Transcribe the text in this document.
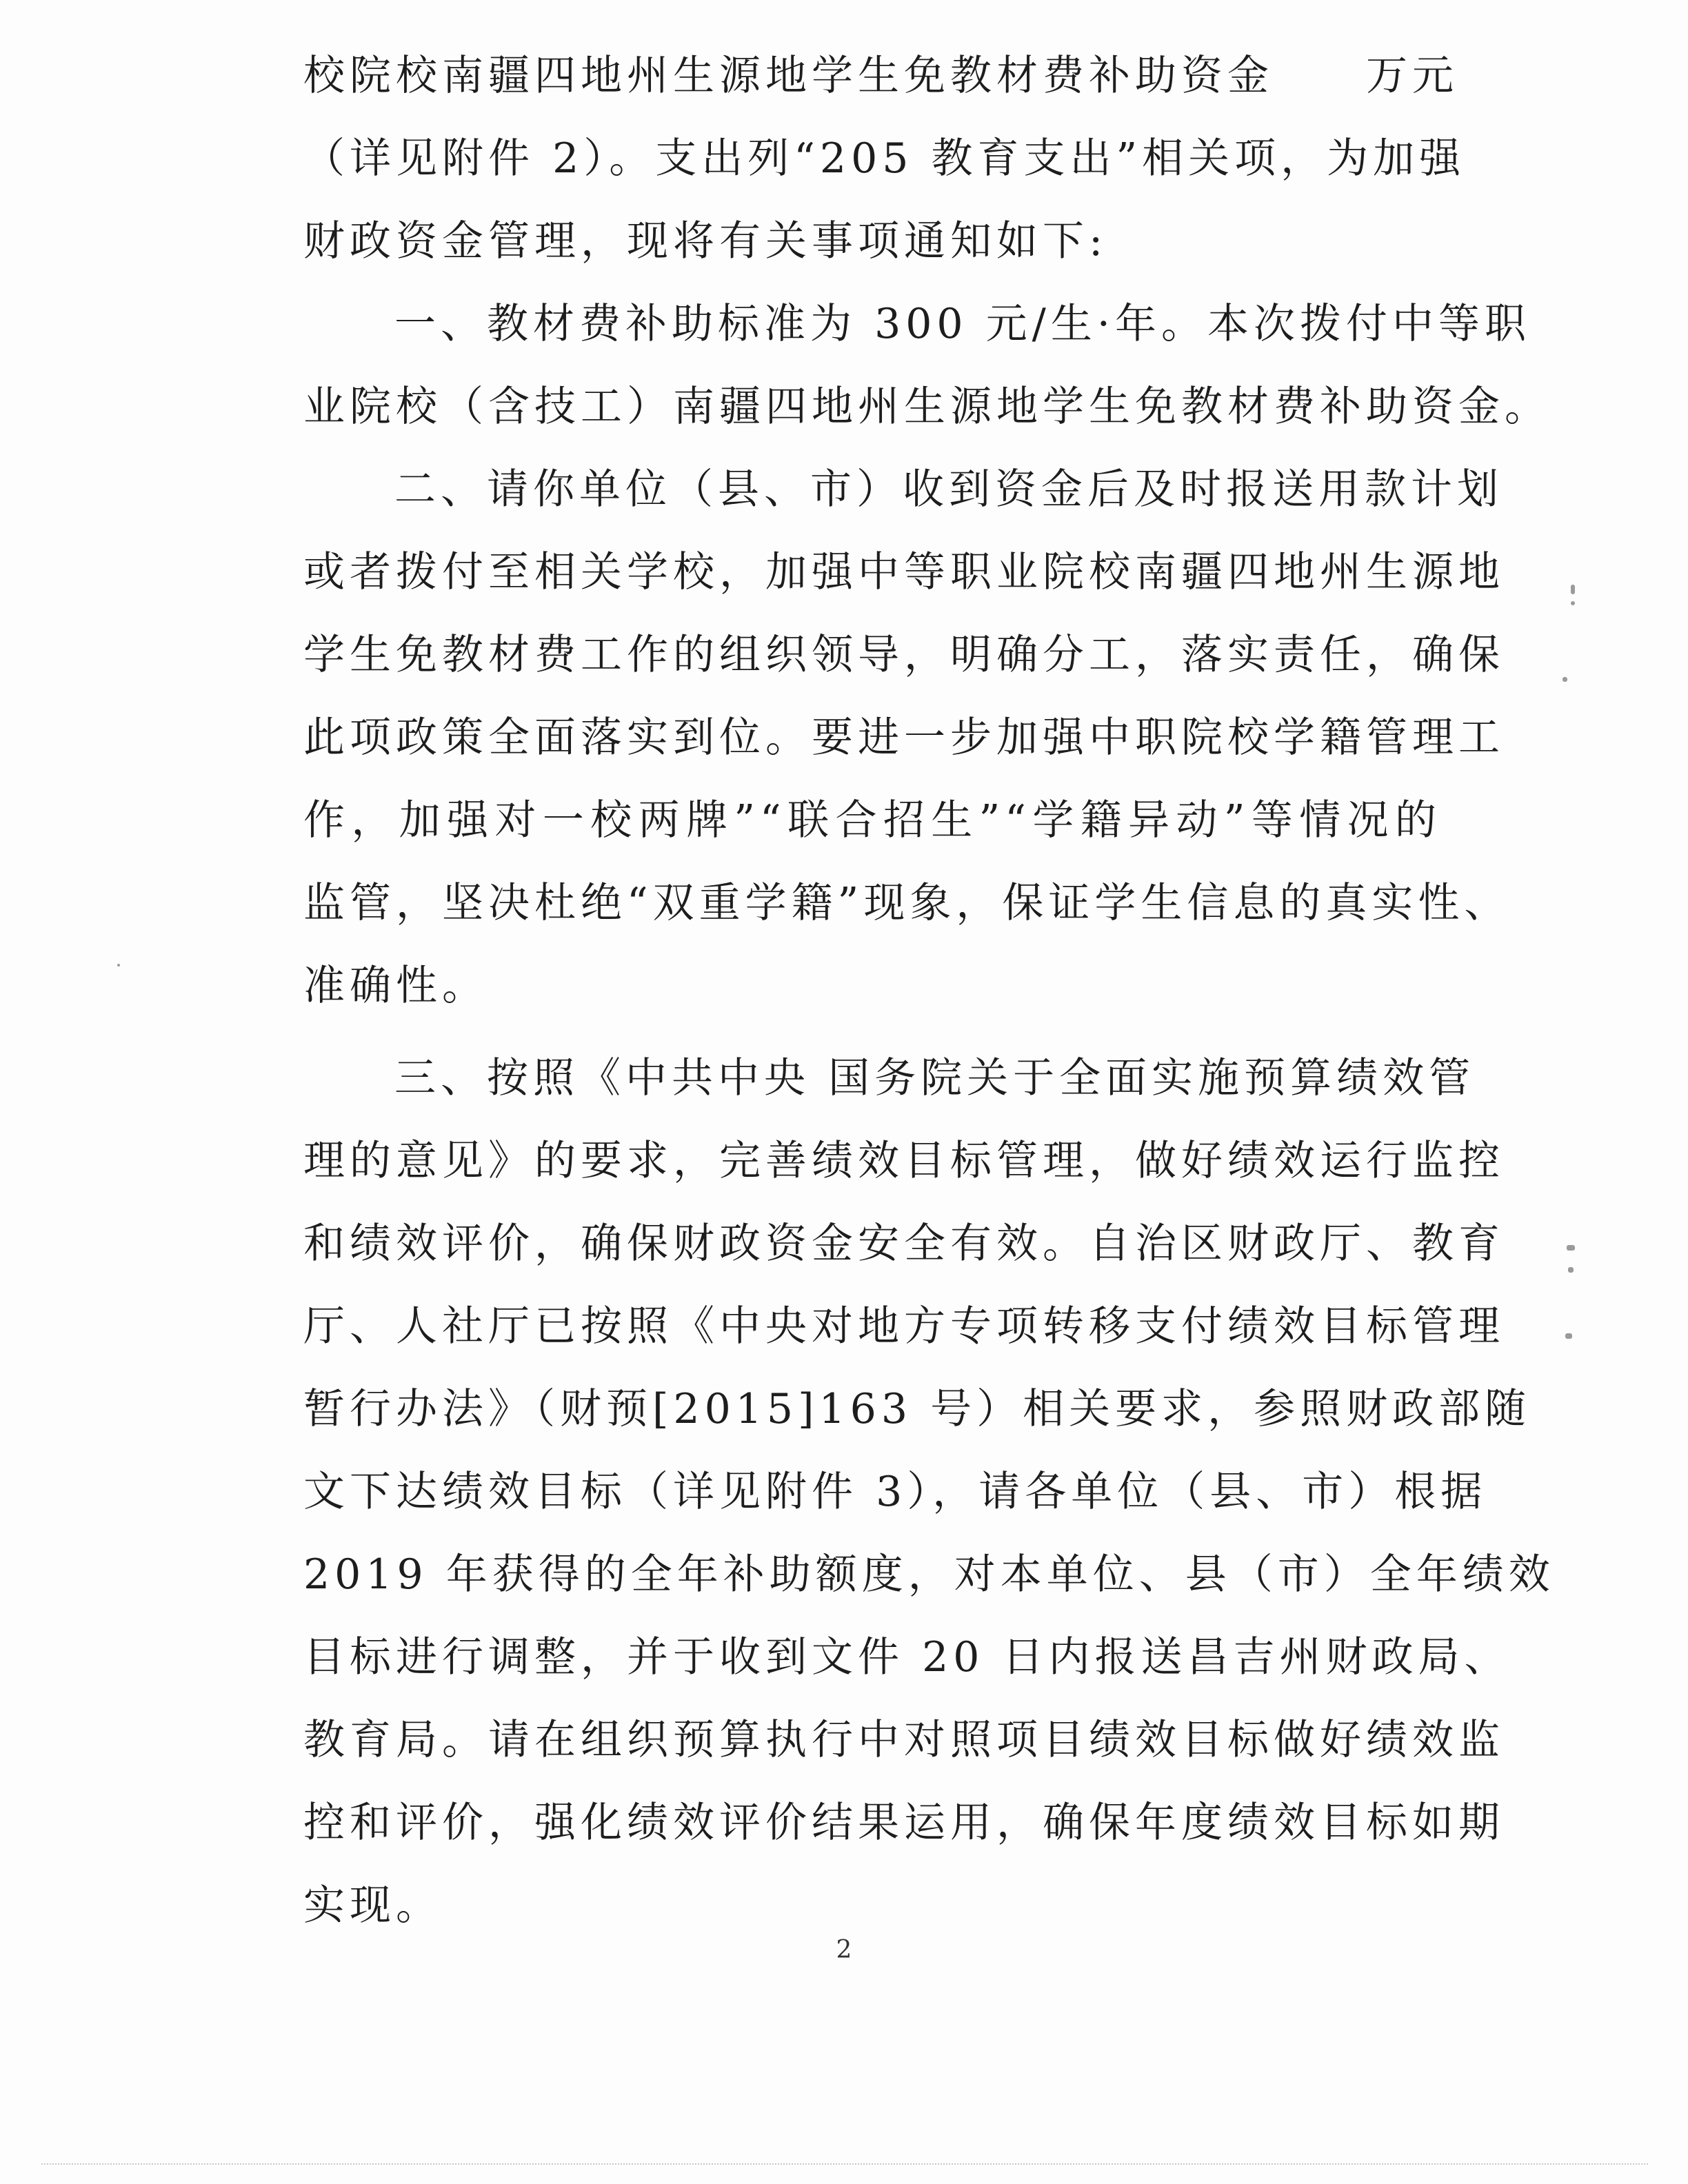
校院校南疆四地州生源地学生免教材费补助资金　　万元
（详见附件 2）。支出列“205 教育支出”相关项，为加强
财政资金管理，现将有关事项通知如下:
一、教材费补助标准为 300 元/生·年。本次拨付中等职
业院校（含技工）南疆四地州生源地学生免教材费补助资金。
二、请你单位（县、市）收到资金后及时报送用款计划
或者拨付至相关学校，加强中等职业院校南疆四地州生源地
学生免教材费工作的组织领导，明确分工，落实责任，确保
此项政策全面落实到位。要进一步加强中职院校学籍管理工
作，加强对一校两牌”“联合招生”“学籍异动”等情况的
监管，坚决杜绝“双重学籍”现象，保证学生信息的真实性、
准确性。
三、按照《中共中央 国务院关于全面实施预算绩效管
理的意见》的要求，完善绩效目标管理，做好绩效运行监控
和绩效评价，确保财政资金安全有效。自治区财政厅、教育
厅、人社厅已按照《中央对地方专项转移支付绩效目标管理
暂行办法》（财预[2015]163 号）相关要求，参照财政部随
文下达绩效目标（详见附件 3），请各单位（县、市）根据
2019 年获得的全年补助额度，对本单位、县（市）全年绩效
目标进行调整，并于收到文件 20 日内报送昌吉州财政局、
教育局。请在组织预算执行中对照项目绩效目标做好绩效监
控和评价，强化绩效评价结果运用，确保年度绩效目标如期
实现。
2
